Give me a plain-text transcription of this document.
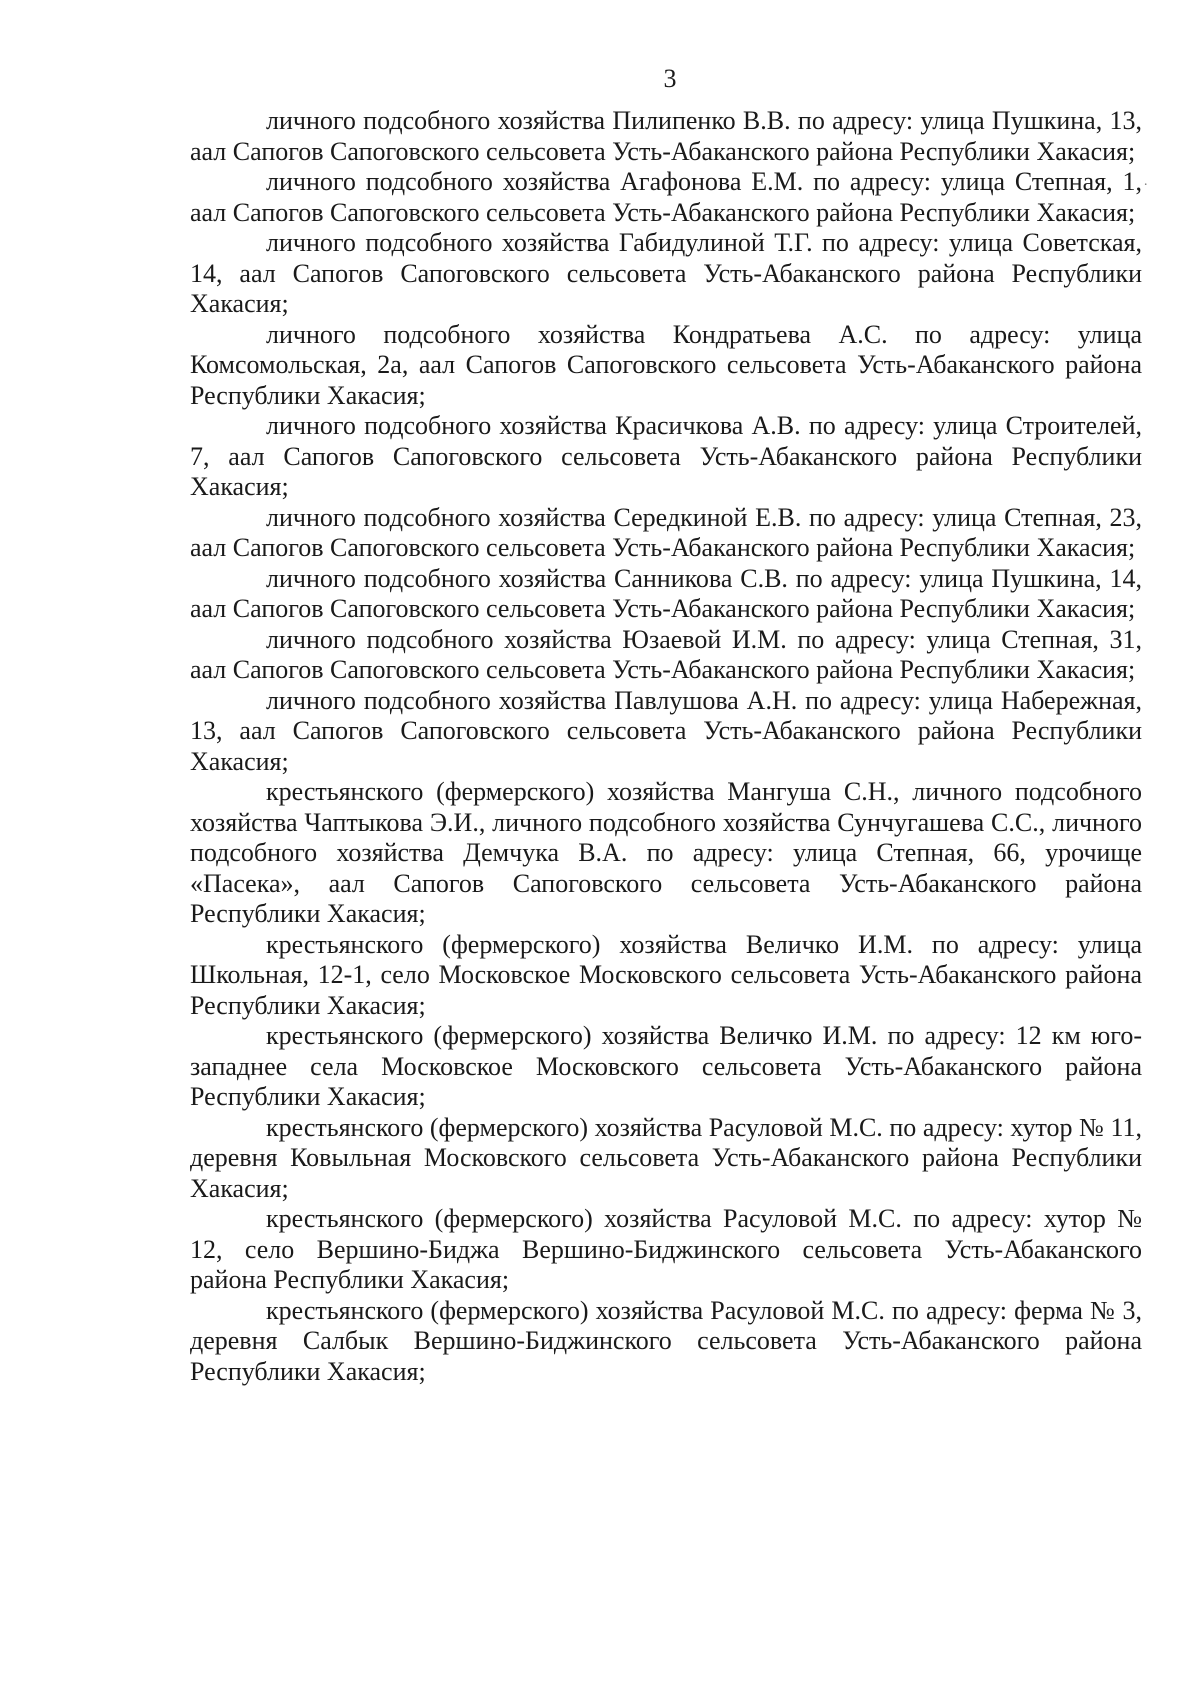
3
·

личного подсобного хозяйства Пилипенко В.В. по адресу: улица Пушкина, 13, аал Сапогов Сапоговского сельсовета Усть-Абаканского района Республики Хакасия;

личного подсобного хозяйства Агафонова Е.М. по адресу: улица Степная, 1, аал Сапогов Сапоговского сельсовета Усть-Абаканского района Республики Хакасия;

личного подсобного хозяйства Габидулиной Т.Г. по адресу: улица Советская, 14, аал Сапогов Сапоговского сельсовета Усть-Абаканского района Республики Хакасия;

личного подсобного хозяйства Кондратьева А.С. по адресу: улица Комсомольская, 2а, аал Сапогов Сапоговского сельсовета Усть-Абаканского района Республики Хакасия;

личного подсобного хозяйства Красичкова А.В. по адресу: улица Строителей, 7, аал Сапогов Сапоговского сельсовета Усть-Абаканского района Республики Хакасия;

личного подсобного хозяйства Середкиной Е.В. по адресу: улица Степная, 23, аал Сапогов Сапоговского сельсовета Усть-Абаканского района Республики Хакасия;

личного подсобного хозяйства Санникова С.В. по адресу: улица Пушкина, 14, аал Сапогов Сапоговского сельсовета Усть-Абаканского района Республики Хакасия;

личного подсобного хозяйства Юзаевой И.М. по адресу: улица Степная, 31, аал Сапогов Сапоговского сельсовета Усть-Абаканского района Республики Хакасия;

личного подсобного хозяйства Павлушова А.Н. по адресу: улица Набережная, 13, аал Сапогов Сапоговского сельсовета Усть-Абаканского района Республики Хакасия;

крестьянского (фермерского) хозяйства Мангуша С.Н., личного подсобного хозяйства Чаптыкова Э.И., личного подсобного хозяйства Сунчугашева С.С., личного подсобного хозяйства Демчука В.А. по адресу: улица Степная, 66, урочище «Пасека», аал Сапогов Сапоговского сельсовета Усть-Абаканского района Республики Хакасия;

крестьянского (фермерского) хозяйства Величко И.М. по адресу: улица Школьная, 12-1, село Московское Московского сельсовета Усть-Абаканского района Республики Хакасия;

крестьянского (фермерского) хозяйства Величко И.М. по адресу: 12 км юго-западнее села Московское Московского сельсовета Усть-Абаканского района Республики Хакасия;

крестьянского (фермерского) хозяйства Расуловой М.С. по адресу: хутор № 11, деревня Ковыльная Московского сельсовета Усть-Абаканского района Республики Хакасия;

крестьянского (фермерского) хозяйства Расуловой М.С. по адресу: хутор № 12, село Вершино-Биджа Вершино-Биджинского сельсовета Усть-Абаканского района Республики Хакасия;

крестьянского (фермерского) хозяйства Расуловой М.С. по адресу: ферма № 3, деревня Салбык Вершино-Биджинского сельсовета Усть-Абаканского района Республики Хакасия;
